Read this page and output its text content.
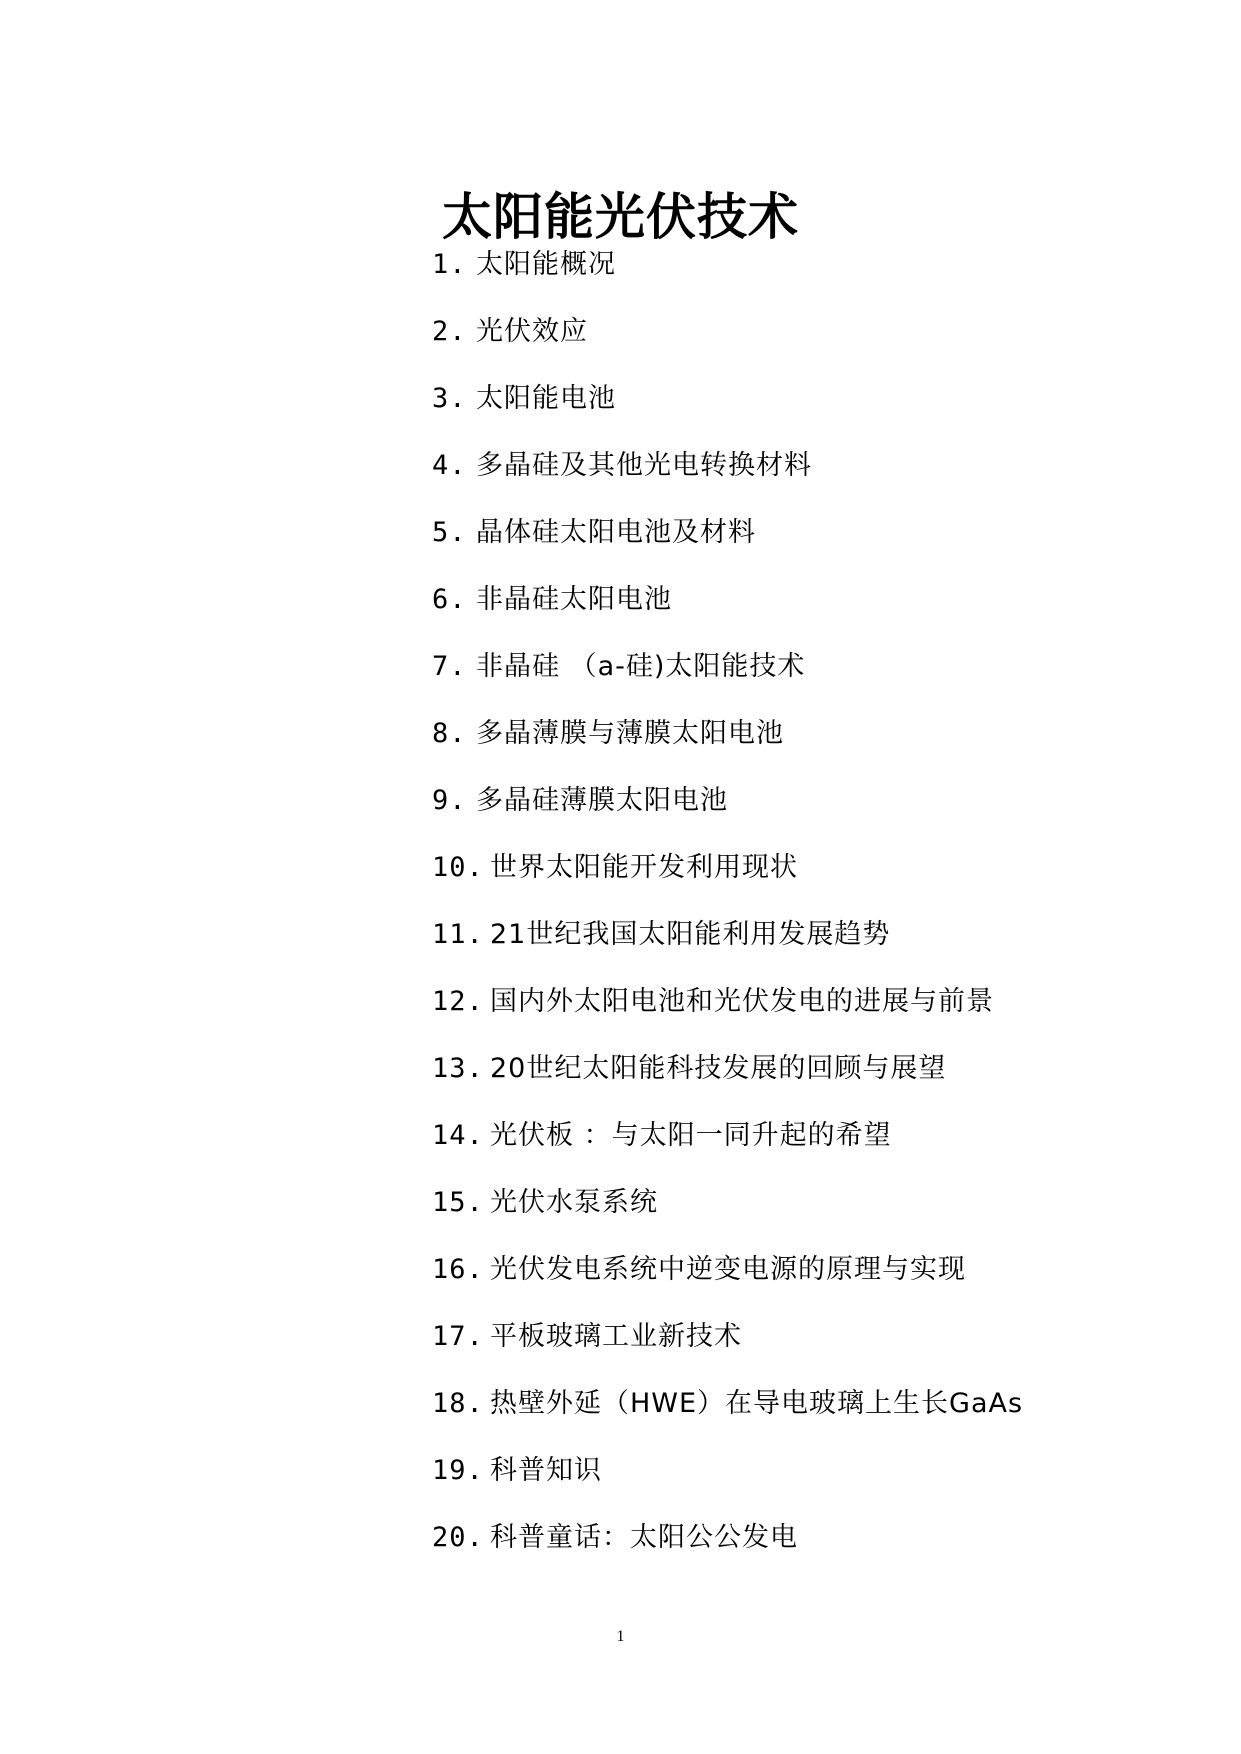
太阳能光伏技术
1. 太阳能概况
2. 光伏效应
3. 太阳能电池
4. 多晶硅及其他光电转换材料
5. 晶体硅太阳电池及材料
6. 非晶硅太阳电池
7. 非晶硅 （a-硅)太阳能技术
8. 多晶薄膜与薄膜太阳电池
9. 多晶硅薄膜太阳电池
10. 世界太阳能开发利用现状
11. 21世纪我国太阳能利用发展趋势
12. 国内外太阳电池和光伏发电的进展与前景
13. 20世纪太阳能科技发展的回顾与展望
14. 光伏板 ：与太阳一同升起的希望
15. 光伏水泵系统
16. 光伏发电系统中逆变电源的原理与实现
17. 平板玻璃工业新技术
18. 热壁外延（HWE）在导电玻璃上生长GaAs
19. 科普知识
20. 科普童话：太阳公公发电
1
